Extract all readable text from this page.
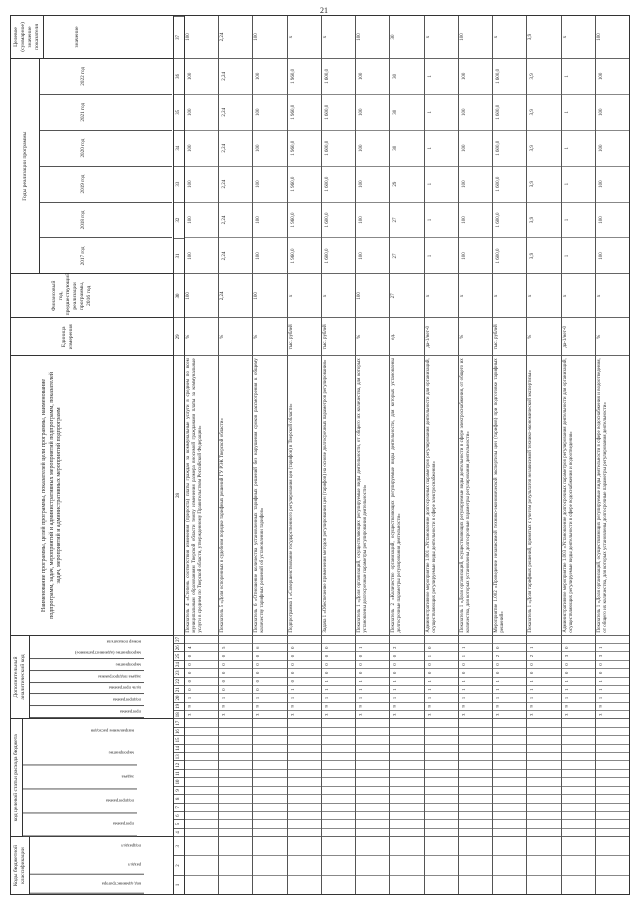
21
Коды бюджетной классификации
код администратора
раздел
подраздел
код целевой статьи расхода бюджета
программа
подпрограмма
задача
мероприятие
направление расходов
Дополнительный аналитический код
программа
подпрограмма
цель программы
задача подпрограммы
мероприятие
мероприятие (административное)
номер показателя
Наименование программы, целей программы, показателей цели программы, наименование подпрограмм, задач, мероприятий и административных мероприятий подпрограмм, показателей задач, мероприятий и административных мероприятий подпрограмм
Единица измерения
Финансовый год, предшествующий реализации программы, 2016 год
Годы реализации программы
2017 год
2018 год
2019 год
2020 год
2021 год
2022 год
Целевое (суммарное) значение показателя	значение
1
2
3
4
5
6
7
8
9
10
11
12
13
14
15
16
17
18
19
20
21
22
23
24
25
26
27
28
29
30
31
32
33
34
35
36
37
3
9
1
0
0
0
0
0
4
Показатель 4 «Степень соответствия изменения (прироста) платы граждан за коммунальные услуги в среднем по всем муниципальным образованиям Тверской области темпу изменения размера вносимой гражданами платы за коммунальные услуги в среднем по Тверской области, утвержденному Правительством Российской Федерации»
%
100
100
100
100
100
100
100
100
3
9
1
0
0
0
0
0
5
Показатель 5 «Доля оспоренных в судебном порядке тарифных решений ГУ РЭК Тверской области»
%
2,24
2,24
2,24
2,24
2,24
2,24
2,24
2,24
3
9
1
0
0
0
0
0
6
Показатель 6 «Отношение количества установленных тарифных решений без нарушения сроков рассмотрения к общему количеству тарифных решений об установлении тарифов»
%
100
100
100
100
100
100
100
100
3
9
1
1
0
0
0
0
0
Подпрограмма 1 «Совершенствование государственного регулирования цен (тарифов) в Тверской области»
тыс. рублей
х
1 960,0
1 960,0
1 960,0
1 960,0
1 960,0
1 960,0
х
3
9
1
1
1
0
0
0
0
Задача 1 «Обеспечение применения методов регулирования цен (тарифов) на основе долгосрочных параметров регулирования»
тыс. рублей
х
1 600,0
1 600,0
1 600,0
1 600,0
1 600,0
1 600,0
х
3
9
1
1
1
0
0
0
1
Показатель 1 «Доля организаций, осуществляющих регулируемые виды деятельности, от общего их количества, для которых установлены долгосрочные параметры регулирования деятельности»
%
100
100
100
100
100
100
100
100
3
9
1
1
1
0
0
0
2
Показатель 2 «Количество организаций, осуществляющих регулируемые виды деятельности, для которых установлены долгосрочные параметры регулирования деятельности»
ед.
27
27
27
29
30
30
30
30
3
9
1
1
1
0
0
1
0
Административное мероприятие 1.001 «Установление долгосрочных параметров регулирования деятельности для организаций, осуществляющих регулируемые виды деятельности в сфере электроснабжения»
да-1/нет-0
х
1
1
1
1
1
1
х
3
9
1
1
1
0
0
1
1
Показатель 1 «Доля организаций, осуществляющих регулируемые виды деятельности в сфере электроснабжения, от общего их количества, для которых установлены долгосрочные параметры регулирования деятельности»
%
х
100
100
100
100
100
100
100
3
9
1
1
1
0
0
2
0
Мероприятие 1.002 «Проведение независимой технико-экономической экспертизы цен (тарифов) при подготовке тарифных решений»
тыс. рублей
х
1 600,0
1 600,0
1 600,0
1 600,0
1 600,0
1 600,0
х
3
9
1
1
1
0
0
2
1
Показатель 1 «Доля тарифных решений, принятых с учетом результатов независимой технико-экономической экспертизы»
%
х
3,9
3,9
3,9
3,9
3,9
3,9
3,9
3
9
1
1
1
0
0
3
0
Административное мероприятие 1.003 «Установление долгосрочных параметров регулирования деятельности для организаций, осуществляющих регулируемые виды деятельности в сфере водоснабжения и водоотведения»
да-1/нет-0
х
1
1
1
1
1
1
х
3
9
1
1
1
0
0
3
1
Показатель 1 «Доля организаций, осуществляющих регулируемые виды деятельности в сфере водоснабжения и водоотведения, от общего их количества, для которых установлены долгосрочные параметры регулирования деятельности»
%
х
100
100
100
100
100
100
100
